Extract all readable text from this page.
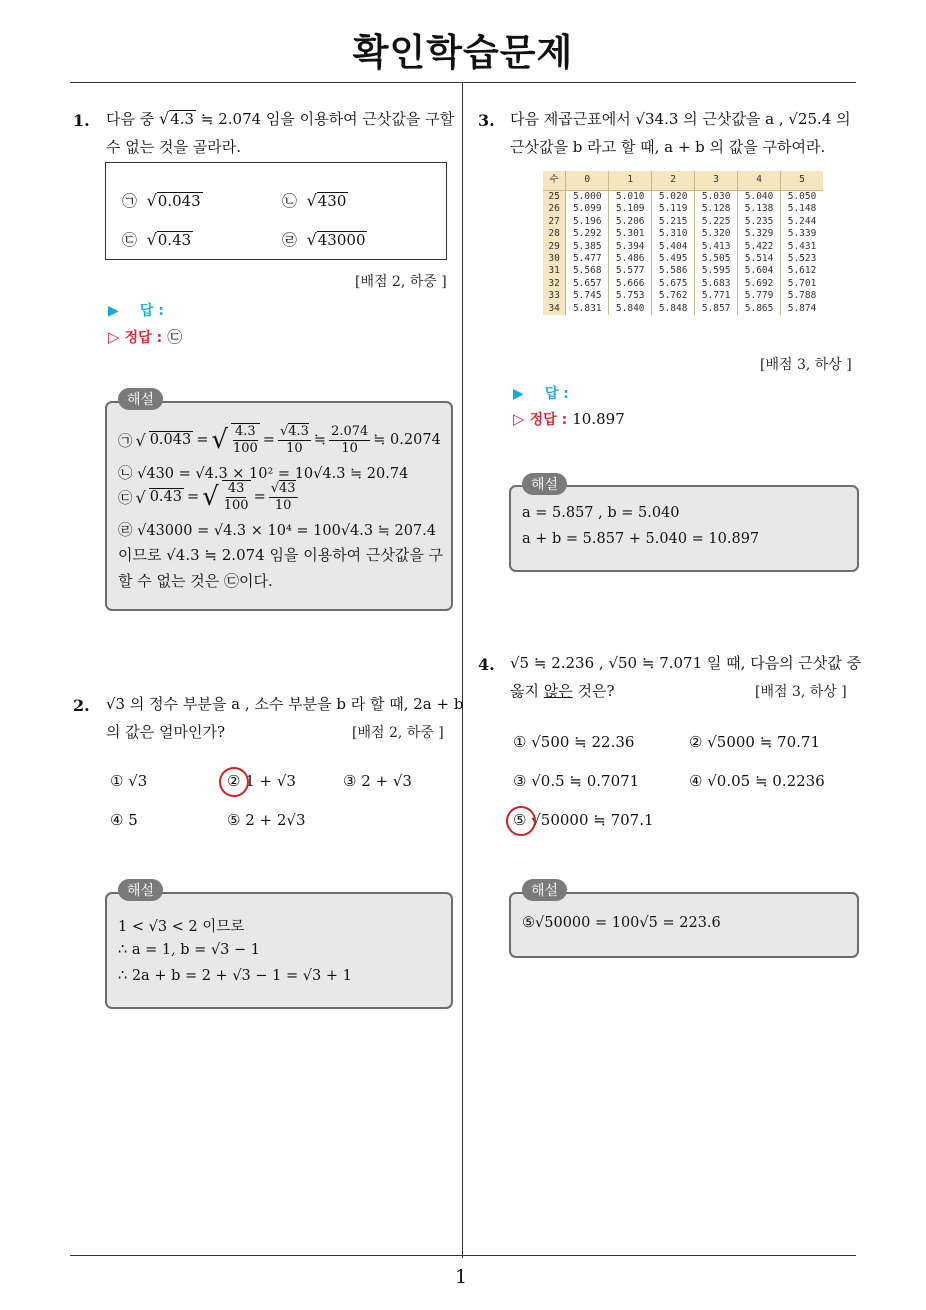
확인학습문제
1
1. 다음 중 √4.3 ≒ 2.074 임을 이용하여 근삿값을 구할
수 없는 것을 골라라.
㉠ √0.043	㉡ √430
㉢ √0.43	㉣ √43000
[배점 2, 하중 ]
▶ 답 :
▷ 정답 : ㉢
해설
㉠ √ 0.043 = √ $\frac{4.3}{100} = \frac{√4.3}{10}$ ≒ $\frac{2.074}{10}$ ≒ 0.2074
㉡ √430 = √4.3 × 10² = 10√4.3 ≒ 20.74
㉢ √ 0.43 = √ $\frac{43}{100} = \frac{√43}{10}$
㉣ √43000 = √4.3 × 10⁴ = 100√4.3 ≒ 207.4
이므로 √4.3 ≒ 2.074 임을 이용하여 근삿값을 구
할 수 없는 것은 ㉢이다.
2. √3 의 정수 부분을 a , 소수 부분을 b 라 할 때, 2a + b
의 값은 얼마인가?	[배점 2, 하중 ]
① √3	② 1 + √3	③ 2 + √3
④ 5	⑤ 2 + 2√3
해설
1 < √3 < 2 이므로
∴ a = 1, b = √3 − 1
∴ 2a + b = 2 + √3 − 1 = √3 + 1
3. 다음 제곱근표에서 √34.3 의 근삿값을 a , √25.4 의
근삿값을 b 라고 할 때, a + b 의 값을 구하여라.
수	0	1	2	3	4	5
25	5.000	5.010	5.020	5.030	5.040	5.050
26	5.099	5.109	5.119	5.128	5.138	5.148
27	5.196	5.206	5.215	5.225	5.235	5.244
28	5.292	5.301	5.310	5.320	5.329	5.339
29	5.385	5.394	5.404	5.413	5.422	5.431
30	5.477	5.486	5.495	5.505	5.514	5.523
31	5.568	5.577	5.586	5.595	5.604	5.612
32	5.657	5.666	5.675	5.683	5.692	5.701
33	5.745	5.753	5.762	5.771	5.779	5.788
34	5.831	5.840	5.848	5.857	5.865	5.874
[배점 3, 하상 ]
▶ 답 :
▷ 정답 : 10.897
해설
a = 5.857 , b = 5.040
a + b = 5.857 + 5.040 = 10.897
4. √5 ≒ 2.236 , √50 ≒ 7.071 일 때, 다음의 근삿값 중
옳지 않은 것은?	[배점 3, 하상 ]
① √500 ≒ 22.36	② √5000 ≒ 70.71
③ √0.5 ≒ 0.7071	④ √0.05 ≒ 0.2236
⑤ √50000 ≒ 707.1
해설
⑤√50000 = 100√5 = 223.6
